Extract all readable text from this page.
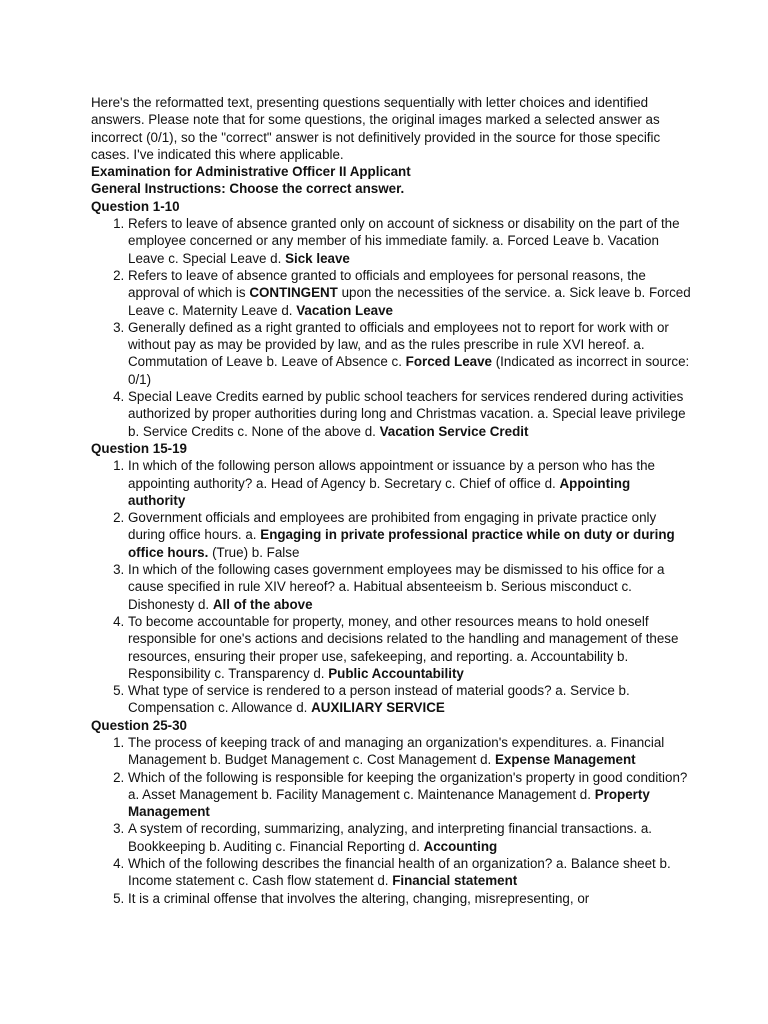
Here's the reformatted text, presenting questions sequentially with letter choices and identified answers. Please note that for some questions, the original images marked a selected answer as incorrect (0/1), so the "correct" answer is not definitively provided in the source for those specific cases. I've indicated this where applicable.

Examination for Administrative Officer II Applicant

General Instructions: Choose the correct answer.

Question 1-10

1. Refers to leave of absence granted only on account of sickness or disability on the part of the employee concerned or any member of his immediate family. a. Forced Leave b. Vacation Leave c. Special Leave d. Sick leave
2. Refers to leave of absence granted to officials and employees for personal reasons, the approval of which is CONTINGENT upon the necessities of the service. a. Sick leave b. Forced Leave c. Maternity Leave d. Vacation Leave
3. Generally defined as a right granted to officials and employees not to report for work with or without pay as may be provided by law, and as the rules prescribe in rule XVI hereof. a. Commutation of Leave b. Leave of Absence c. Forced Leave (Indicated as incorrect in source: 0/1)
4. Special Leave Credits earned by public school teachers for services rendered during activities authorized by proper authorities during long and Christmas vacation. a. Special leave privilege b. Service Credits c. None of the above d. Vacation Service Credit

Question 15-19

1. In which of the following person allows appointment or issuance by a person who has the appointing authority? a. Head of Agency b. Secretary c. Chief of office d. Appointing authority
2. Government officials and employees are prohibited from engaging in private practice only during office hours. a. Engaging in private professional practice while on duty or during office hours. (True) b. False
3. In which of the following cases government employees may be dismissed to his office for a cause specified in rule XIV hereof? a. Habitual absenteeism b. Serious misconduct c. Dishonesty d. All of the above
4. To become accountable for property, money, and other resources means to hold oneself responsible for one's actions and decisions related to the handling and management of these resources, ensuring their proper use, safekeeping, and reporting. a. Accountability b. Responsibility c. Transparency d. Public Accountability
5. What type of service is rendered to a person instead of material goods? a. Service b. Compensation c. Allowance d. AUXILIARY SERVICE

Question 25-30

1. The process of keeping track of and managing an organization's expenditures. a. Financial Management b. Budget Management c. Cost Management d. Expense Management
2. Which of the following is responsible for keeping the organization's property in good condition? a. Asset Management b. Facility Management c. Maintenance Management d. Property Management
3. A system of recording, summarizing, analyzing, and interpreting financial transactions. a. Bookkeeping b. Auditing c. Financial Reporting d. Accounting
4. Which of the following describes the financial health of an organization? a. Balance sheet b. Income statement c. Cash flow statement d. Financial statement
5. It is a criminal offense that involves the altering, changing, misrepresenting, or
